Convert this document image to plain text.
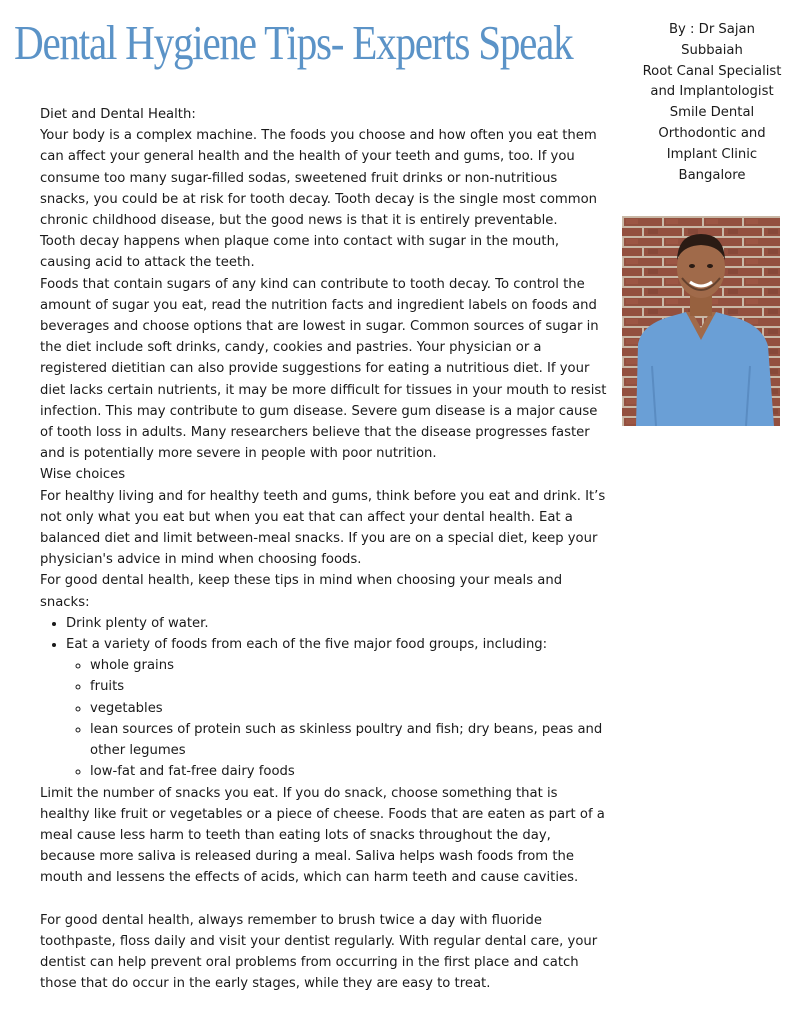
Dental Hygiene Tips- Experts Speak	By : Dr Sajan
Subbaiah
Root Canal Specialist
and Implantologist
Smile Dental
Orthodontic and
Implant Clinic
Bangalore

Diet and Dental Health:

Your body is a complex machine. The foods you choose and how often you eat them can affect your general health and the health of your teeth and gums, too. If you consume too many sugar-filled sodas, sweetened fruit drinks or non-nutritious snacks, you could be at risk for tooth decay. Tooth decay is the single most common chronic childhood disease, but the good news is that it is entirely preventable.

Tooth decay happens when plaque come into contact with sugar in the mouth, causing acid to attack the teeth.

Foods that contain sugars of any kind can contribute to tooth decay. To control the amount of sugar you eat, read the nutrition facts and ingredient labels on foods and beverages and choose options that are lowest in sugar. Common sources of sugar in the diet include soft drinks, candy, cookies and pastries. Your physician or a registered dietitian can also provide suggestions for eating a nutritious diet. If your diet lacks certain nutrients, it may be more difficult for tissues in your mouth to resist infection. This may contribute to gum disease. Severe gum disease is a major cause of tooth loss in adults. Many researchers believe that the disease progresses faster and is potentially more severe in people with poor nutrition.

Wise choices

For healthy living and for healthy teeth and gums, think before you eat and drink. It’s not only what you eat but when you eat that can affect your dental health. Eat a balanced diet and limit between-meal snacks. If you are on a special diet, keep your physician's advice in mind when choosing foods.

For good dental health, keep these tips in mind when choosing your meals and snacks:

• Drink plenty of water.
• Eat a variety of foods from each of the five major food groups, including:
◦ whole grains
◦ fruits
◦ vegetables
◦ lean sources of protein such as skinless poultry and fish; dry beans, peas and other legumes
◦ low-fat and fat-free dairy foods

Limit the number of snacks you eat. If you do snack, choose something that is healthy like fruit or vegetables or a piece of cheese. Foods that are eaten as part of a meal cause less harm to teeth than eating lots of snacks throughout the day, because more saliva is released during a meal. Saliva helps wash foods from the mouth and lessens the effects of acids, which can harm teeth and cause cavities.

For good dental health, always remember to brush twice a day with fluoride toothpaste, floss daily and visit your dentist regularly. With regular dental care, your dentist can help prevent oral problems from occurring in the first place and catch those that do occur in the early stages, while they are easy to treat.
